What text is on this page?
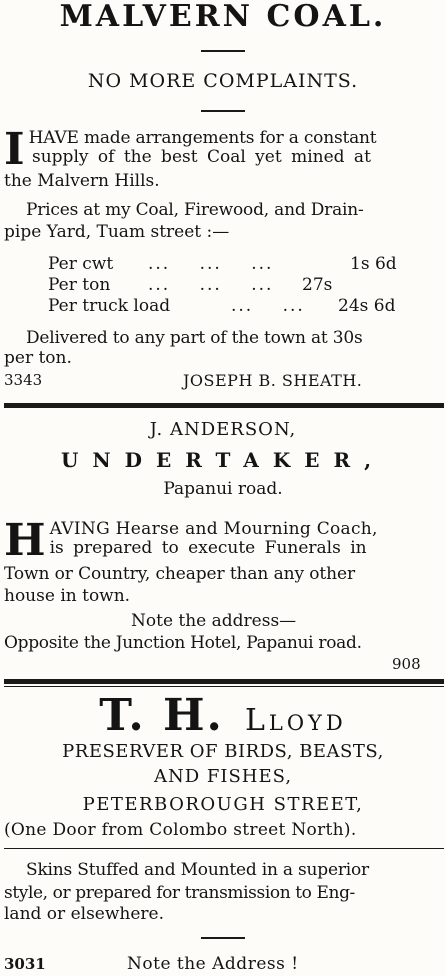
MALVERN COAL.
NO MORE COMPLAINTS.
I HAVE made arrangements for a constant
supply of the best Coal yet mined at
the Malvern Hills.
Prices at my Coal, Firewood, and Drain-
pipe Yard, Tuam street :—
Per cwt ... ... ...	1s 6d
Per ton ... ... ... 27s
Per truck load	... ... 24s 6d
Delivered to any part of the town at 30s
per ton.
3343	JOSEPH B. SHEATH.
J. ANDERSON,
UNDERTAKER,
Papanui road.
H AVING Hearse and Mourning Coach,
is prepared to execute Funerals in
Town or Country, cheaper than any other
house in town.
Note the address—
Opposite the Junction Hotel, Papanui road.
908
T. H. Lloyd
PRESERVER OF BIRDS, BEASTS,
AND FISHES,
PETERBOROUGH STREET,
(One Door from Colombo street North).
Skins Stuffed and Mounted in a superior
style, or prepared for transmission to Eng-
land or elsewhere.
3031	Note the Address !
